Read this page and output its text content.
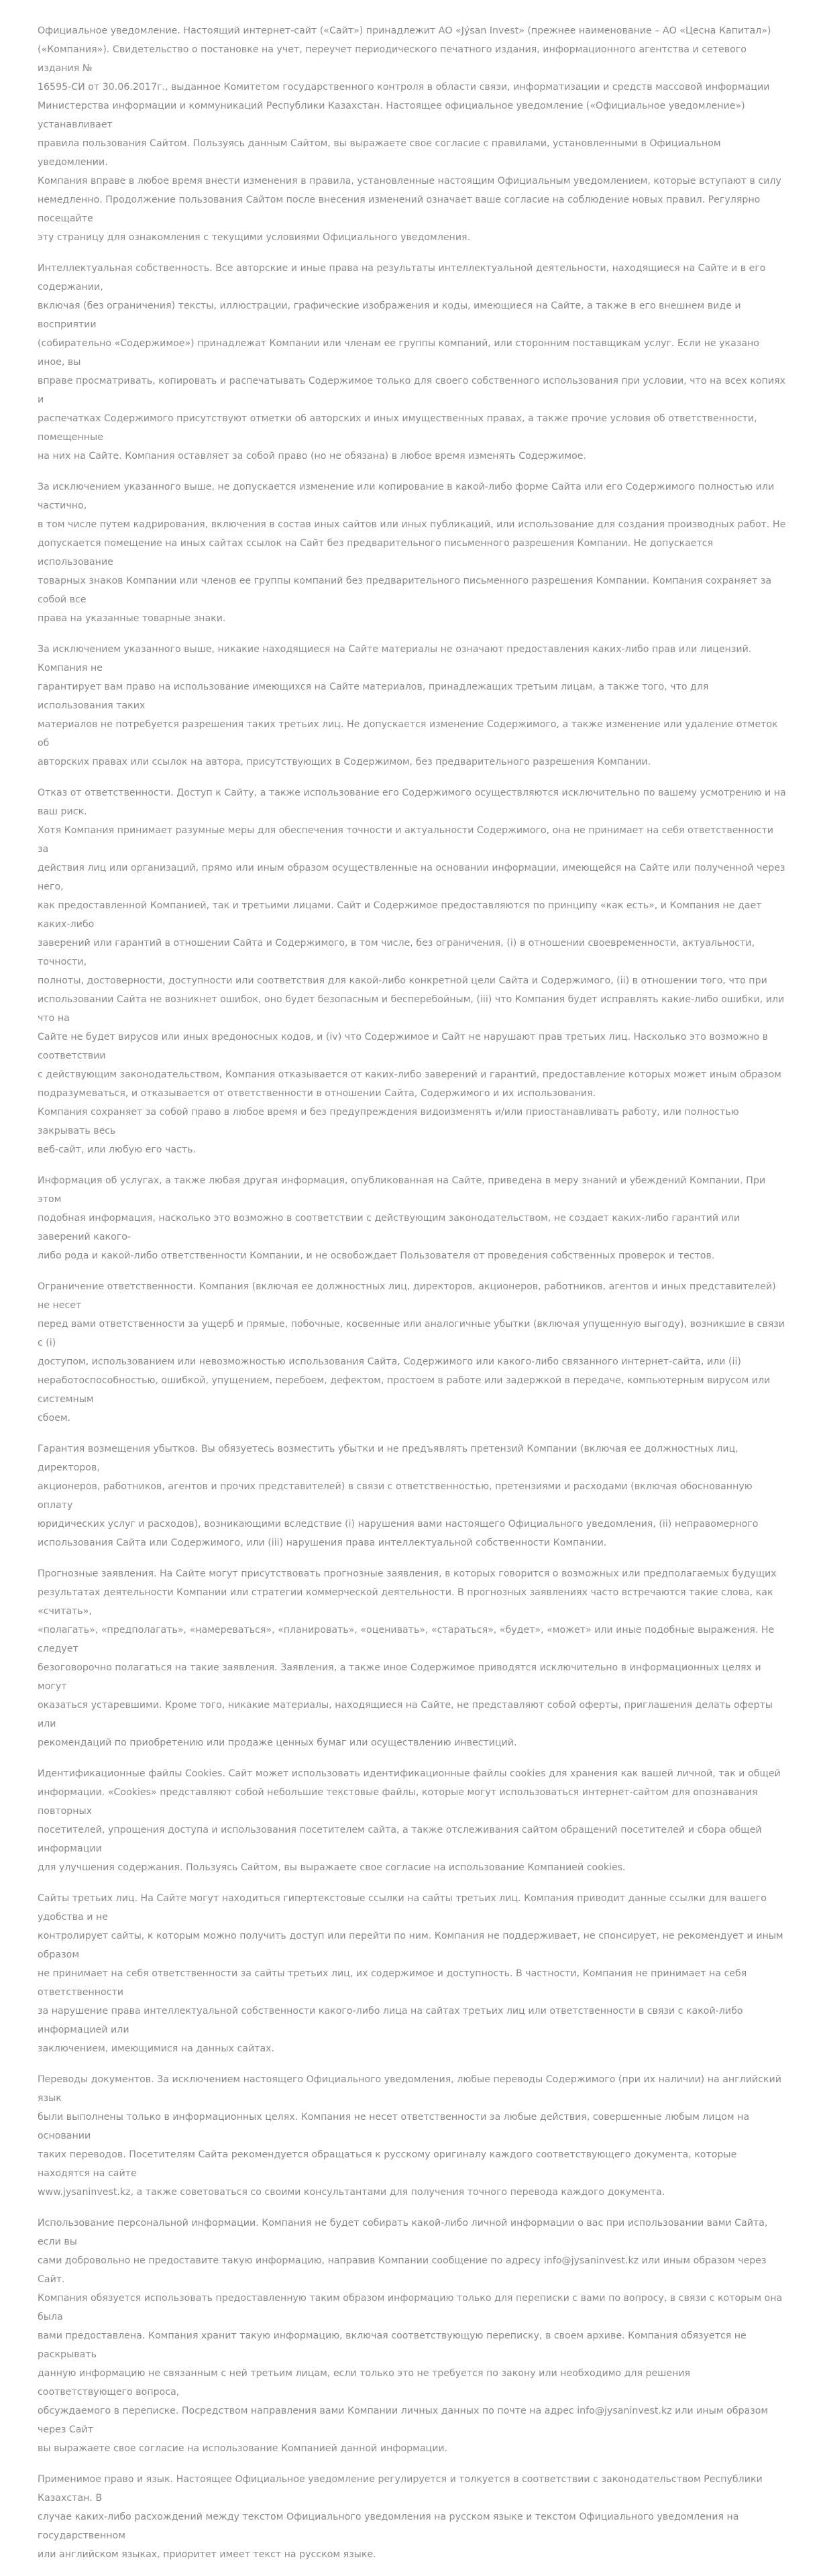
Официальное уведомление. Настоящий интернет-сайт («Сайт») принадлежит АО «Jýsan Invest» (прежнее наименование – АО «Цесна Капитал»)
(«Компания»). Свидетельство о постановке на учет, переучет периодического печатного издания, информационного агентства и сетевого издания №
16595-СИ от 30.06.2017г., выданное Комитетом государственного контроля в области связи, информатизации и средств массовой информации
Министерства информации и коммуникаций Республики Казахстан. Настоящее официальное уведомление («Официальное уведомление») устанавливает
правила пользования Сайтом. Пользуясь данным Сайтом, вы выражаете свое согласие с правилами, установленными в Официальном уведомлении.
Компания вправе в любое время внести изменения в правила, установленные настоящим Официальным уведомлением, которые вступают в силу
немедленно. Продолжение пользования Сайтом после внесения изменений означает ваше согласие на соблюдение новых правил. Регулярно посещайте
эту страницу для ознакомления с текущими условиями Официального уведомления.

Интеллектуальная собственность. Все авторские и иные права на результаты интеллектуальной деятельности, находящиеся на Сайте и в его содержании,
включая (без ограничения) тексты, иллюстрации, графические изображения и коды, имеющиеся на Сайте, а также в его внешнем виде и восприятии
(собирательно «Содержимое») принадлежат Компании или членам ее группы компаний, или сторонним поставщикам услуг. Если не указано иное, вы
вправе просматривать, копировать и распечатывать Содержимое только для своего собственного использования при условии, что на всех копиях и
распечатках Содержимого присутствуют отметки об авторских и иных имущественных правах, а также прочие условия об ответственности, помещенные
на них на Сайте. Компания оставляет за собой право (но не обязана) в любое время изменять Содержимое.

За исключением указанного выше, не допускается изменение или копирование в какой-либо форме Сайта или его Содержимого полностью или частично,
в том числе путем кадрирования, включения в состав иных сайтов или иных публикаций, или использование для создания производных работ. Не
допускается помещение на иных сайтах ссылок на Сайт без предварительного письменного разрешения Компании. Не допускается использование
товарных знаков Компании или членов ее группы компаний без предварительного письменного разрешения Компании. Компания сохраняет за собой все
права на указанные товарные знаки.

За исключением указанного выше, никакие находящиеся на Сайте материалы не означают предоставления каких-либо прав или лицензий. Компания не
гарантирует вам право на использование имеющихся на Сайте материалов, принадлежащих третьим лицам, а также того, что для использования таких
материалов не потребуется разрешения таких третьих лиц. Не допускается изменение Содержимого, а также изменение или удаление отметок об
авторских правах или ссылок на автора, присутствующих в Содержимом, без предварительного разрешения Компании.

Отказ от ответственности. Доступ к Сайту, а также использование его Содержимого осуществляются исключительно по вашему усмотрению и на ваш риск.
Хотя Компания принимает разумные меры для обеспечения точности и актуальности Содержимого, она не принимает на себя ответственности за
действия лиц или организаций, прямо или иным образом осуществленные на основании информации, имеющейся на Сайте или полученной через него,
как предоставленной Компанией, так и третьими лицами. Сайт и Содержимое предоставляются по принципу «как есть», и Компания не дает каких-либо
заверений или гарантий в отношении Сайта и Содержимого, в том числе, без ограничения, (i) в отношении своевременности, актуальности, точности,
полноты, достоверности, доступности или соответствия для какой-либо конкретной цели Сайта и Содержимого, (ii) в отношении того, что при
использовании Сайта не возникнет ошибок, оно будет безопасным и бесперебойным, (iii) что Компания будет исправлять какие-либо ошибки, или что на
Сайте не будет вирусов или иных вредоносных кодов, и (iv) что Содержимое и Сайт не нарушают прав третьих лиц. Насколько это возможно в соответствии
с действующим законодательством, Компания отказывается от каких-либо заверений и гарантий, предоставление которых может иным образом
подразумеваться, и отказывается от ответственности в отношении Сайта, Содержимого и их использования.
Компания сохраняет за собой право в любое время и без предупреждения видоизменять и/или приостанавливать работу, или полностью закрывать весь
веб-сайт, или любую его часть.

Информация об услугах, а также любая другая информация, опубликованная на Сайте, приведена в меру знаний и убеждений Компании. При этом
подобная информация, насколько это возможно в соответствии с действующим законодательством, не создает каких-либо гарантий или заверений какого-
либо рода и какой-либо ответственности Компании, и не освобождает Пользователя от проведения собственных проверок и тестов.

Ограничение ответственности. Компания (включая ее должностных лиц, директоров, акционеров, работников, агентов и иных представителей) не несет
перед вами ответственности за ущерб и прямые, побочные, косвенные или аналогичные убытки (включая упущенную выгоду), возникшие в связи с (i)
доступом, использованием или невозможностью использования Сайта, Содержимого или какого-либо связанного интернет-сайта, или (ii)
неработоспособностью, ошибкой, упущением, перебоем, дефектом, простоем в работе или задержкой в передаче, компьютерным вирусом или системным
сбоем.

Гарантия возмещения убытков. Вы обязуетесь возместить убытки и не предъявлять претензий Компании (включая ее должностных лиц, директоров,
акционеров, работников, агентов и прочих представителей) в связи с ответственностью, претензиями и расходами (включая обоснованную оплату
юридических услуг и расходов), возникающими вследствие (i) нарушения вами настоящего Официального уведомления, (ii) неправомерного
использования Сайта или Содержимого, или (iii) нарушения права интеллектуальной собственности Компании.

Прогнозные заявления. На Сайте могут присутствовать прогнозные заявления, в которых говорится о возможных или предполагаемых будущих
результатах деятельности Компании или стратегии коммерческой деятельности. В прогнозных заявлениях часто встречаются такие слова, как «считать»,
«полагать», «предполагать», «намереваться», «планировать», «оценивать», «стараться», «будет», «может» или иные подобные выражения. Не следует
безоговорочно полагаться на такие заявления. Заявления, а также иное Содержимое приводятся исключительно в информационных целях и могут
оказаться устаревшими. Кроме того, никакие материалы, находящиеся на Сайте, не представляют собой оферты, приглашения делать оферты или
рекомендаций по приобретению или продаже ценных бумаг или осуществлению инвестиций.

Идентификационные файлы Cookies. Сайт может использовать идентификационные файлы cookies для хранения как вашей личной, так и общей
информации. «Cookies» представляют собой небольшие текстовые файлы, которые могут использоваться интернет-сайтом для опознавания повторных
посетителей, упрощения доступа и использования посетителем сайта, а также отслеживания сайтом обращений посетителей и сбора общей информации
для улучшения содержания. Пользуясь Сайтом, вы выражаете свое согласие на использование Компанией cookies.

Сайты третьих лиц. На Сайте могут находиться гипертекстовые ссылки на сайты третьих лиц. Компания приводит данные ссылки для вашего удобства и не
контролирует сайты, к которым можно получить доступ или перейти по ним. Компания не поддерживает, не спонсирует, не рекомендует и иным образом
не принимает на себя ответственности за сайты третьих лиц, их содержимое и доступность. В частности, Компания не принимает на себя ответственности
за нарушение права интеллектуальной собственности какого-либо лица на сайтах третьих лиц или ответственности в связи с какой-либо информацией или
заключением, имеющимися на данных сайтах.

Переводы документов. За исключением настоящего Официального уведомления, любые переводы Содержимого (при их наличии) на английский язык
были выполнены только в информационных целях. Компания не несет ответственности за любые действия, совершенные любым лицом на основании
таких переводов. Посетителям Сайта рекомендуется обращаться к русскому оригиналу каждого соответствующего документа, которые находятся на сайте
www.jysaninvest.kz, а также советоваться со своими консультантами для получения точного перевода каждого документа.

Использование персональной информации. Компания не будет собирать какой-либо личной информации о вас при использовании вами Сайта, если вы
сами добровольно не предоставите такую информацию, направив Компании сообщение по адресу info@jysaninvest.kz или иным образом через Сайт.
Компания обязуется использовать предоставленную таким образом информацию только для переписки с вами по вопросу, в связи с которым она была
вами предоставлена. Компания хранит такую информацию, включая соответствующую переписку, в своем архиве. Компания обязуется не раскрывать
данную информацию не связанным с ней третьим лицам, если только это не требуется по закону или необходимо для решения соответствующего вопроса,
обсуждаемого в переписке. Посредством направления вами Компании личных данных по почте на адрес info@jysaninvest.kz или иным образом через Сайт
вы выражаете свое согласие на использование Компанией данной информации.

Применимое право и язык. Настоящее Официальное уведомление регулируется и толкуется в соответствии с законодательством Республики Казахстан. В
случае каких-либо расхождений между текстом Официального уведомления на русском языке и текстом Официального уведомления на государственном
или английском языках, приоритет имеет текст на русском языке.
